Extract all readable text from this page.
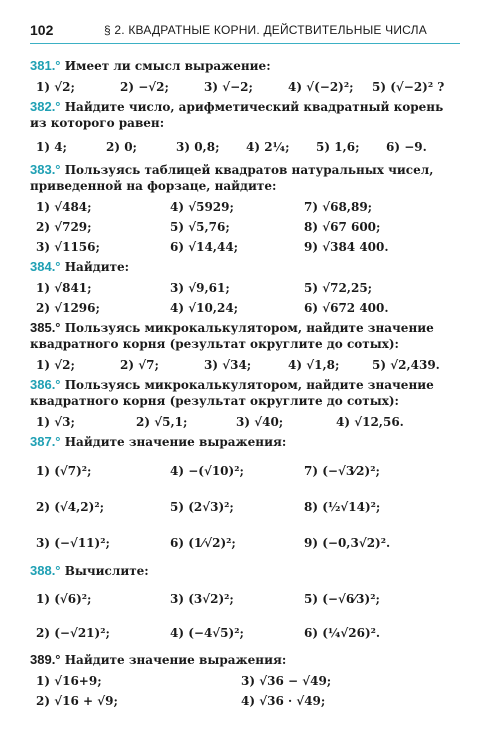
102	§ 2. КВАДРАТНЫЕ КОРНИ. ДЕЙСТВИТЕЛЬНЫЕ ЧИСЛА
381.° Имеет ли смысл выражение:
1) √2;	2) −√2;	3) √−2;	4) √(−2)²;	5) (√−2)² ?
382.° Найдите число, арифметический квадратный корень из которого равен:
1) 4;	2) 0;	3) 0,8;	4) 2¼;	5) 1,6;	6) −9.
383.° Пользуясь таблицей квадратов натуральных чисел, приведенной на форзаце, найдите:
1) √484;	4) √5929;	7) √68,89;
2) √729;	5) √5,76;	8) √67 600;
3) √1156;	6) √14,44;	9) √384 400.
384.° Найдите:
1) √841;	3) √9,61;	5) √72,25;
2) √1296;	4) √10,24;	6) √672 400.
385.° Пользуясь микрокалькулятором, найдите значение квадратного корня (результат округлите до сотых):
1) √2;	2) √7;	3) √34;	4) √1,8;	5) √2,439.
386.° Пользуясь микрокалькулятором, найдите значение квадратного корня (результат округлите до сотых):
1) √3;	2) √5,1;	3) √40;	4) √12,56.
387.° Найдите значение выражения:
1) (√7)²;	4) −(√10)²;	7) (−√3⁄2)²;
2) (√4,2)²;	5) (2√3)²;	8) (½√14)²;
3) (−√11)²;	6) (1⁄√2)²;	9) (−0,3√2)².
388.° Вычислите:
1) (√6)²;	3) (3√2)²;	5) (−√6⁄3)²;
2) (−√21)²;	4) (−4√5)²;	6) (¼√26)².
389.° Найдите значение выражения:
1) √16+9;	3) √36 − √49;
2) √16 + √9;	4) √36 · √49;
